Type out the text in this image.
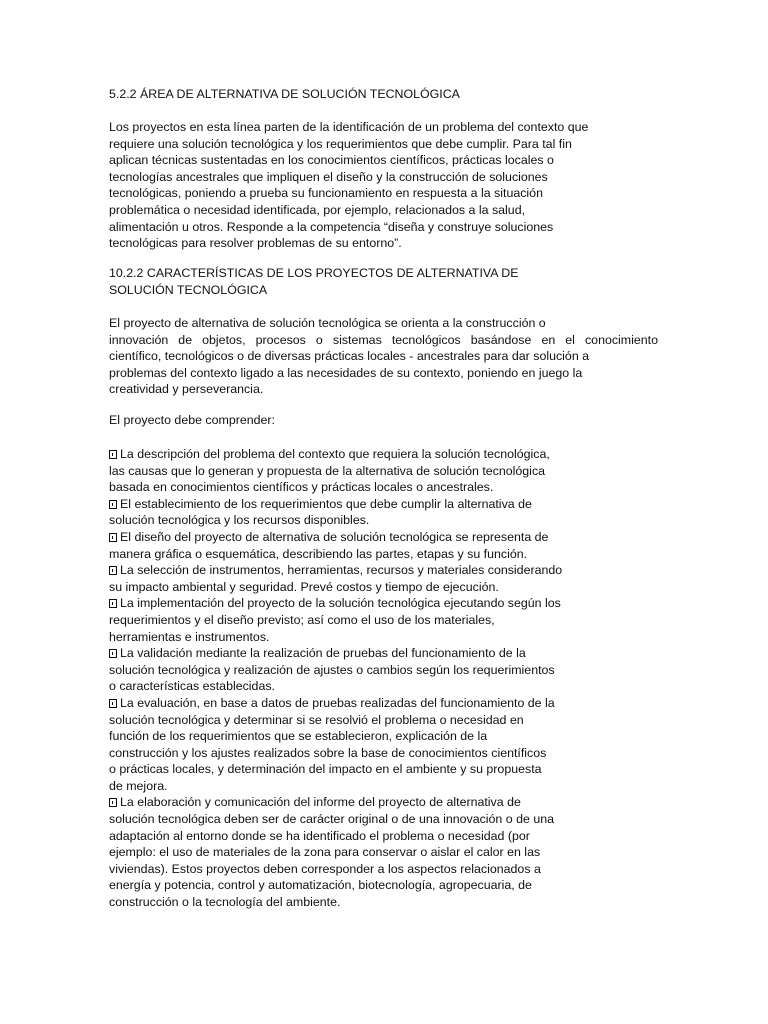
5.2.2 ÁREA DE ALTERNATIVA DE SOLUCIÓN TECNOLÓGICA
Los proyectos en esta línea parten de la identificación de un problema del contexto que
requiere una solución tecnológica y los requerimientos que debe cumplir. Para tal fin
aplican técnicas sustentadas en los conocimientos científicos, prácticas locales o
tecnologías ancestrales que impliquen el diseño y la construcción de soluciones
tecnológicas, poniendo a prueba su funcionamiento en respuesta a la situación
problemática o necesidad identificada, por ejemplo, relacionados a la salud,
alimentación u otros. Responde a la competencia “diseña y construye soluciones
tecnológicas para resolver problemas de su entorno”.
10.2.2 CARACTERÍSTICAS DE LOS PROYECTOS DE ALTERNATIVA DE
SOLUCIÓN TECNOLÓGICA
El proyecto de alternativa de solución tecnológica se orienta a la construcción o
innovación de objetos, procesos o sistemas tecnológicos basándose en el conocimiento
científico, tecnológicos o de diversas prácticas locales - ancestrales para dar solución a
problemas del contexto ligado a las necesidades de su contexto, poniendo en juego la
creatividad y perseverancia.
El proyecto debe comprender:
La descripción del problema del contexto que requiera la solución tecnológica,
las causas que lo generan y propuesta de la alternativa de solución tecnológica
basada en conocimientos científicos y prácticas locales o ancestrales.
El establecimiento de los requerimientos que debe cumplir la alternativa de
solución tecnológica y los recursos disponibles.
El diseño del proyecto de alternativa de solución tecnológica se representa de
manera gráfica o esquemática, describiendo las partes, etapas y su función.
La selección de instrumentos, herramientas, recursos y materiales considerando
su impacto ambiental y seguridad. Prevé costos y tiempo de ejecución.
La implementación del proyecto de la solución tecnológica ejecutando según los
requerimientos y el diseño previsto; así como el uso de los materiales,
herramientas e instrumentos.
La validación mediante la realización de pruebas del funcionamiento de la
solución tecnológica y realización de ajustes o cambios según los requerimientos
o características establecidas.
La evaluación, en base a datos de pruebas realizadas del funcionamiento de la
solución tecnológica y determinar si se resolvió el problema o necesidad en
función de los requerimientos que se establecieron, explicación de la
construcción y los ajustes realizados sobre la base de conocimientos científicos
o prácticas locales, y determinación del impacto en el ambiente y su propuesta
de mejora.
La elaboración y comunicación del informe del proyecto de alternativa de
solución tecnológica deben ser de carácter original o de una innovación o de una
adaptación al entorno donde se ha identificado el problema o necesidad (por
ejemplo: el uso de materiales de la zona para conservar o aislar el calor en las
viviendas). Estos proyectos deben corresponder a los aspectos relacionados a
energía y potencia, control y automatización, biotecnología, agropecuaria, de
construcción o la tecnología del ambiente.
